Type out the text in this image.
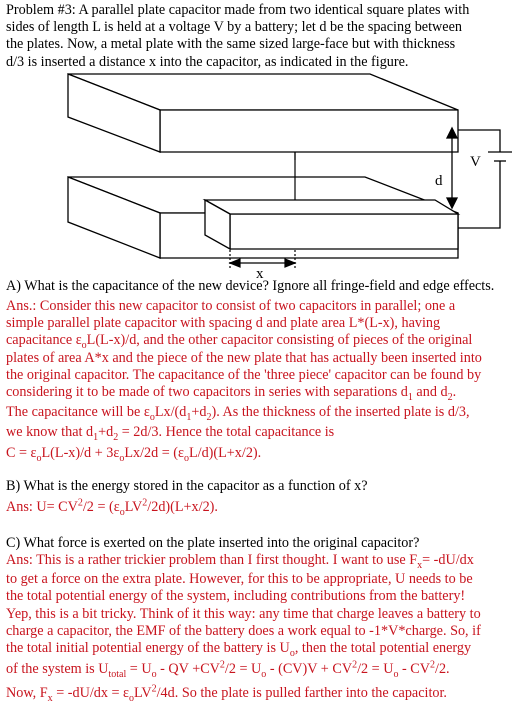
Problem #3: A parallel plate capacitor made from two identical square plates with
sides of length L is held at a voltage V by a battery; let d be the spacing between
the plates. Now, a metal plate with the same sized large-face but with thickness
d/3 is inserted a distance x into the capacitor, as indicated in the figure.
d
V
x
A) What is the capacitance of the new device? Ignore all fringe-field and edge effects.
Ans.: Consider this new capacitor to consist of two capacitors in parallel; one a
simple parallel plate capacitor with spacing d and plate area L*(L-x), having
capacitance $\varepsilon_oL(L-x)/d$, and the other capacitor consisting of pieces of the original
plates of area A*x and the piece of the new plate that has actually been inserted into
the original capacitor. The capacitance of the 'three piece' capacitor can be found by
considering it to be made of two capacitors in series with separations $d_1$ and $d_2$.
The capacitance will be $\varepsilon_oLx/(d_1+d_2)$. As the thickness of the inserted plate is d/3,
we know that $d_1+d_2 = 2d/3$. Hence the total capacitance is
$C = \varepsilon_oL(L-x)/d + 3\varepsilon_oLx/2d = (\varepsilon_oL/d)(L+x/2)$.
B) What is the energy stored in the capacitor as a function of x?
Ans: $U= CV^2/2 = (\varepsilon_oLV^2/2d)(L+x/2)$.
C) What force is exerted on the plate inserted into the original capacitor?
Ans: This is a rather trickier problem than I first thought. I want to use $F_x= -dU/dx$
to get a force on the extra plate. However, for this to be appropriate, U needs to be
the total potential energy of the system, including contributions from the battery!
Yep, this is a bit tricky. Think of it this way: any time that charge leaves a battery to
charge a capacitor, the EMF of the battery does a work equal to -1*V*charge. So, if
the total initial potential energy of the battery is $U_o$, then the total potential energy
of the system is $U_{total} = U_o$ - QV $+CV^2/2 = U_o - (CV)V + CV^2/2 = U_o - CV^2/2$.
Now, $F_x = -dU/dx = \varepsilon_oLV^2/4d$. So the plate is pulled farther into the capacitor.
